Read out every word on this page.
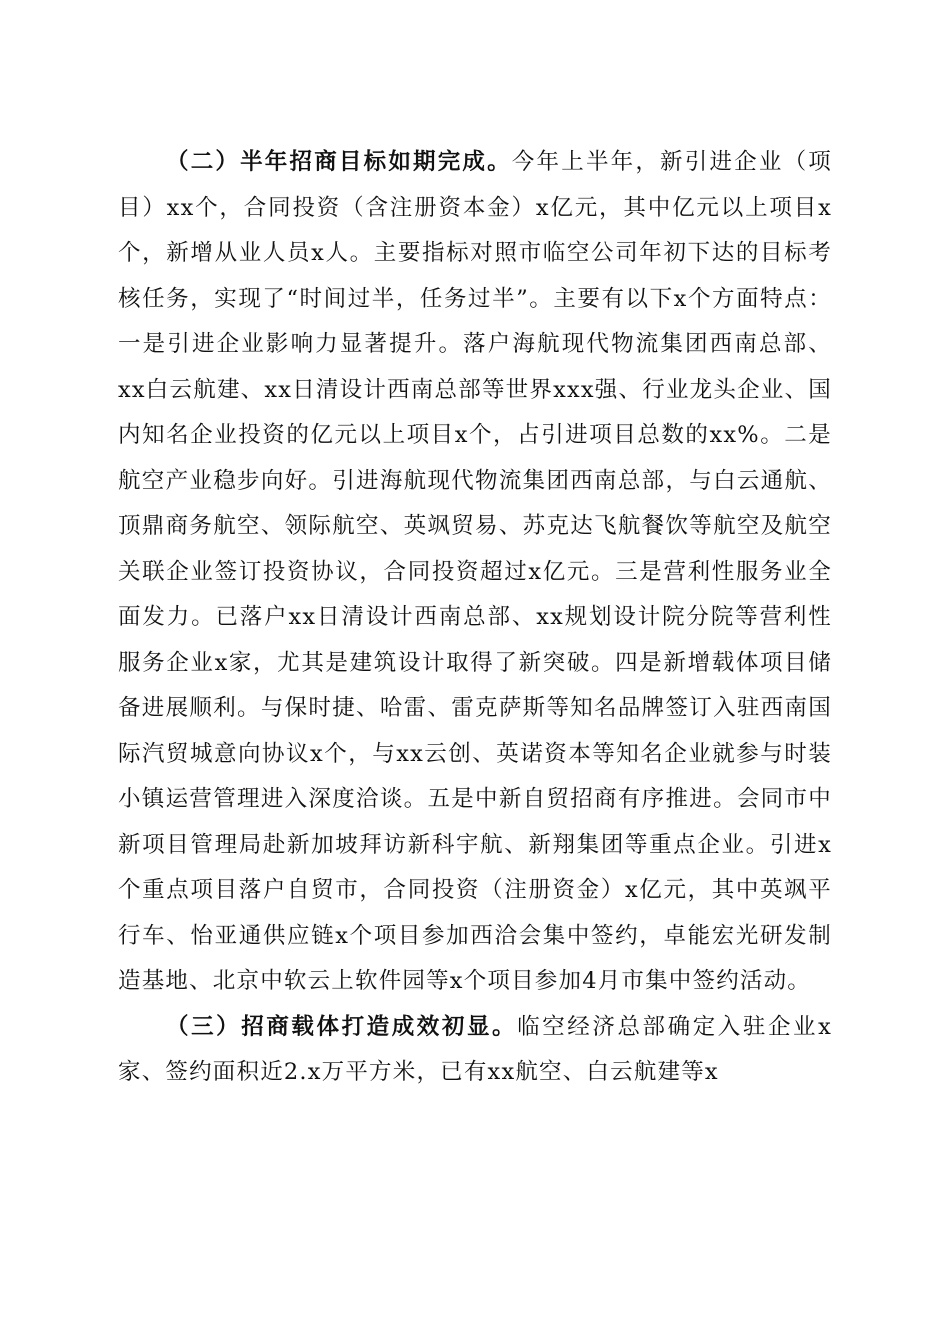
（二）半年招商目标如期完成。今年上半年，新引进企业（项目）xx个，合同投资（含注册资本金）x亿元，其中亿元以上项目x个，新增从业人员x人。主要指标对照市临空公司年初下达的目标考核任务，实现了“时间过半，任务过半”。主要有以下x个方面特点：一是引进企业影响力显著提升。落户海航现代物流集团西南总部、xx白云航建、xx日清设计西南总部等世界xxx强、行业龙头企业、国内知名企业投资的亿元以上项目x个，占引进项目总数的xx%。二是航空产业稳步向好。引进海航现代物流集团西南总部，与白云通航、顶鼎商务航空、领际航空、英飒贸易、苏克达飞航餐饮等航空及航空关联企业签订投资协议，合同投资超过x亿元。三是营利性服务业全面发力。已落户xx日清设计西南总部、xx规划设计院分院等营利性服务企业x家，尤其是建筑设计取得了新突破。四是新增载体项目储备进展顺利。与保时捷、哈雷、雷克萨斯等知名品牌签订入驻西南国际汽贸城意向协议x个，与xx云创、英诺资本等知名企业就参与时装小镇运营管理进入深度洽谈。五是中新自贸招商有序推进。会同市中新项目管理局赴新加坡拜访新科宇航、新翔集团等重点企业。引进x个重点项目落户自贸市，合同投资（注册资金）x亿元，其中英飒平行车、怡亚通供应链x个项目参加西洽会集中签约，卓能宏光研发制造基地、北京中软云上软件园等x个项目参加4月市集中签约活动。

（三）招商载体打造成效初显。临空经济总部确定入驻企业x家、签约面积近2.x万平方米，已有xx航空、白云航建等x
